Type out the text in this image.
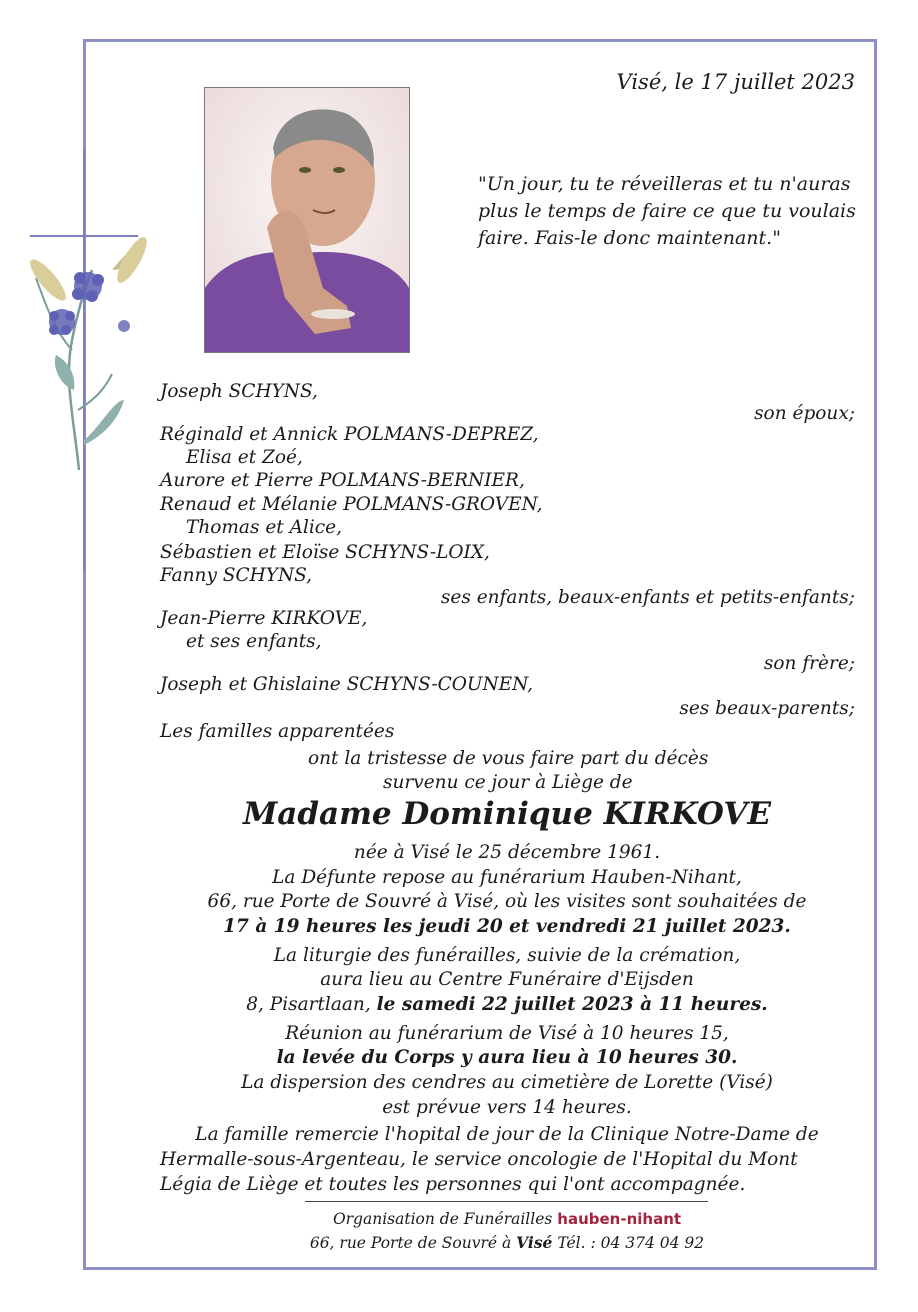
Visé, le 17 juillet 2023
"Un jour, tu te réveilleras et tu n'auras
plus le temps de faire ce que tu voulais
faire. Fais-le donc maintenant."
Joseph SCHYNS,
son époux;
Réginald et Annick POLMANS-DEPREZ,
Elisa et Zoé,
Aurore et Pierre POLMANS-BERNIER,
Renaud et Mélanie POLMANS-GROVEN,
Thomas et Alice,
Sébastien et Eloïse SCHYNS-LOIX,
Fanny SCHYNS,
ses enfants, beaux-enfants et petits-enfants;
Jean-Pierre KIRKOVE,
et ses enfants,
son frère;
Joseph et Ghislaine SCHYNS-COUNEN,
ses beaux-parents;
Les familles apparentées
ont la tristesse de vous faire part du décès
survenu ce jour à Liège de
Madame Dominique KIRKOVE
née à Visé le 25 décembre 1961.
La Défunte repose au funérarium Hauben-Nihant,
66, rue Porte de Souvré à Visé, où les visites sont souhaitées de
17 à 19 heures les jeudi 20 et vendredi 21 juillet 2023.
La liturgie des funérailles, suivie de la crémation,
aura lieu au Centre Funéraire d'Eijsden
8, Pisartlaan, le samedi 22 juillet 2023 à 11 heures.
Réunion au funérarium de Visé à 10 heures 15,
la levée du Corps y aura lieu à 10 heures 30.
La dispersion des cendres au cimetière de Lorette (Visé)
est prévue vers 14 heures.
La famille remercie l'hopital de jour de la Clinique Notre-Dame de
Hermalle-sous-Argenteau, le service oncologie de l'Hopital du Mont
Légia de Liège et toutes les personnes qui l'ont accompagnée.
Organisation de Funérailles hauben-nihant
66, rue Porte de Souvré à Visé Tél. : 04 374 04 92
